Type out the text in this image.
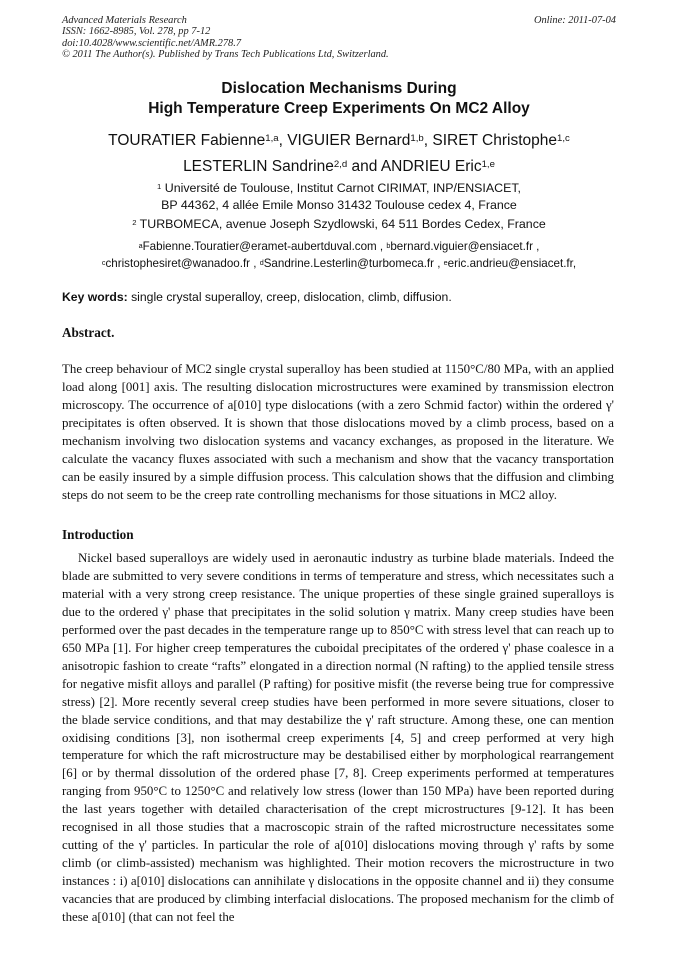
Advanced Materials Research
ISSN: 1662-8985, Vol. 278, pp 7-12
doi:10.4028/www.scientific.net/AMR.278.7
© 2011 The Author(s). Published by Trans Tech Publications Ltd, Switzerland.
Online: 2011-07-04
Dislocation Mechanisms During
High Temperature Creep Experiments On MC2 Alloy
TOURATIER Fabienne$^{1,a}$, VIGUIER Bernard$^{1,b}$, SIRET Christophe$^{1,c}$
LESTERLIN Sandrine$^{2,d}$ and ANDRIEU Eric$^{1,e}$
$^1$ Université de Toulouse, Institut Carnot CIRIMAT, INP/ENSIACET,
BP 44362, 4 allée Emile Monso 31432 Toulouse cedex 4, France
$^2$ TURBOMECA, avenue Joseph Szydlowski, 64 511 Bordes Cedex, France
$^a$Fabienne.Touratier@eramet-aubertduval.com , $^b$bernard.viguier@ensiacet.fr ,
$^c$christophesiret@wanadoo.fr , $^d$Sandrine.Lesterlin@turbomeca.fr , $^e$eric.andrieu@ensiacet.fr,
Key words: single crystal superalloy, creep, dislocation, climb, diffusion.
Abstract.
The creep behaviour of MC2 single crystal superalloy has been studied at 1150°C/80 MPa, with an applied load along [001] axis. The resulting dislocation microstructures were examined by transmission electron microscopy. The occurrence of a[010] type dislocations (with a zero Schmid factor) within the ordered γ' precipitates is often observed. It is shown that those dislocations moved by a climb process, based on a mechanism involving two dislocation systems and vacancy exchanges, as proposed in the literature. We calculate the vacancy fluxes associated with such a mechanism and show that the vacancy transportation can be easily insured by a simple diffusion process. This calculation shows that the diffusion and climbing steps do not seem to be the creep rate controlling mechanisms for those situations in MC2 alloy.
Introduction
Nickel based superalloys are widely used in aeronautic industry as turbine blade materials. Indeed the blade are submitted to very severe conditions in terms of temperature and stress, which necessitates such a material with a very strong creep resistance. The unique properties of these single grained superalloys is due to the ordered γ' phase that precipitates in the solid solution γ matrix. Many creep studies have been performed over the past decades in the temperature range up to 850°C with stress level that can reach up to 650 MPa [1]. For higher creep temperatures the cuboidal precipitates of the ordered γ' phase coalesce in a anisotropic fashion to create “rafts” elongated in a direction normal (N rafting) to the applied tensile stress for negative misfit alloys and parallel (P rafting) for positive misfit (the reverse being true for compressive stress) [2]. More recently several creep studies have been performed in more severe situations, closer to the blade service conditions, and that may destabilize the γ' raft structure. Among these, one can mention oxidising conditions [3], non isothermal creep experiments [4, 5] and creep performed at very high temperature for which the raft microstructure may be destabilised either by morphological rearrangement [6] or by thermal dissolution of the ordered phase [7, 8]. Creep experiments performed at temperatures ranging from 950°C to 1250°C and relatively low stress (lower than 150 MPa) have been reported during the last years together with detailed characterisation of the crept microstructures [9-12]. It has been recognised in all those studies that a macroscopic strain of the rafted microstructure necessitates some cutting of the γ' particles. In particular the role of a[010] dislocations moving through γ' rafts by some climb (or climb-assisted) mechanism was highlighted. Their motion recovers the microstructure in two instances : i) a[010] dislocations can annihilate γ dislocations in the opposite channel and ii) they consume vacancies that are produced by climbing interfacial dislocations. The proposed mechanism for the climb of these a[010] (that can not feel the
